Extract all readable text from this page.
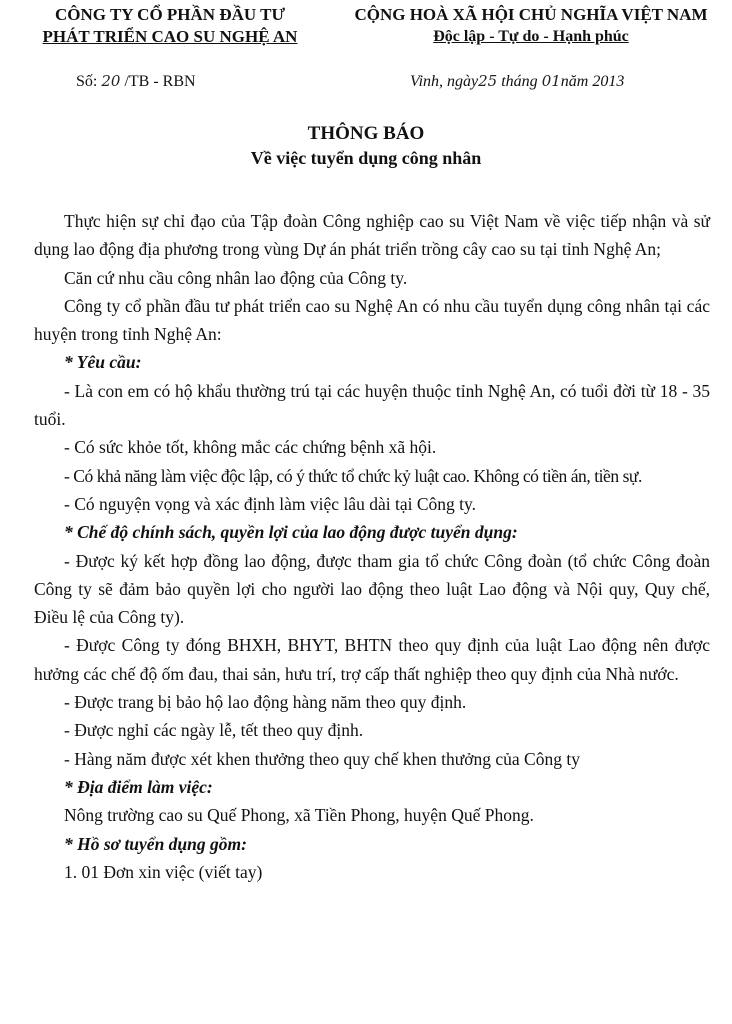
CÔNG TY CỔ PHẦN ĐẦU TƯ
PHÁT TRIỂN CAO SU NGHỆ AN
CỘNG HOÀ XÃ HỘI CHỦ NGHĨA VIỆT NAM
Độc lập - Tự do - Hạnh phúc
Số: 20 /TB - RBN	Vinh, ngày25 tháng 01năm 2013
THÔNG BÁO
Về việc tuyển dụng công nhân

Thực hiện sự chỉ đạo của Tập đoàn Công nghiệp cao su Việt Nam về việc tiếp nhận và sử dụng lao động địa phương trong vùng Dự án phát triển trồng cây cao su tại tỉnh Nghệ An;

Căn cứ nhu cầu công nhân lao động của Công ty.

Công ty cổ phần đầu tư phát triển cao su Nghệ An có nhu cầu tuyển dụng công nhân tại các huyện trong tỉnh Nghệ An:

* Yêu cầu:

- Là con em có hộ khẩu thường trú tại các huyện thuộc tỉnh Nghệ An, có tuổi đời từ 18 - 35 tuổi.

- Có sức khỏe tốt, không mắc các chứng bệnh xã hội.

- Có khả năng làm việc độc lập, có ý thức tổ chức kỷ luật cao. Không có tiền án, tiền sự.

- Có nguyện vọng và xác định làm việc lâu dài tại Công ty.

* Chế độ chính sách, quyền lợi của lao động được tuyển dụng:

- Được ký kết hợp đồng lao động, được tham gia tổ chức Công đoàn (tổ chức Công đoàn Công ty sẽ đảm bảo quyền lợi cho người lao động theo luật Lao động và Nội quy, Quy chế, Điều lệ của Công ty).

- Được Công ty đóng BHXH, BHYT, BHTN theo quy định của luật Lao động nên được hưởng các chế độ ốm đau, thai sản, hưu trí, trợ cấp thất nghiệp theo quy định của Nhà nước.

- Được trang bị bảo hộ lao động hàng năm theo quy định.

- Được nghỉ các ngày lễ, tết theo quy định.

- Hàng năm được xét khen thưởng theo quy chế khen thưởng của Công ty

* Địa điểm làm việc:

Nông trường cao su Quế Phong, xã Tiền Phong, huyện Quế Phong.

* Hồ sơ tuyển dụng gồm:

1. 01 Đơn xin việc (viết tay)
